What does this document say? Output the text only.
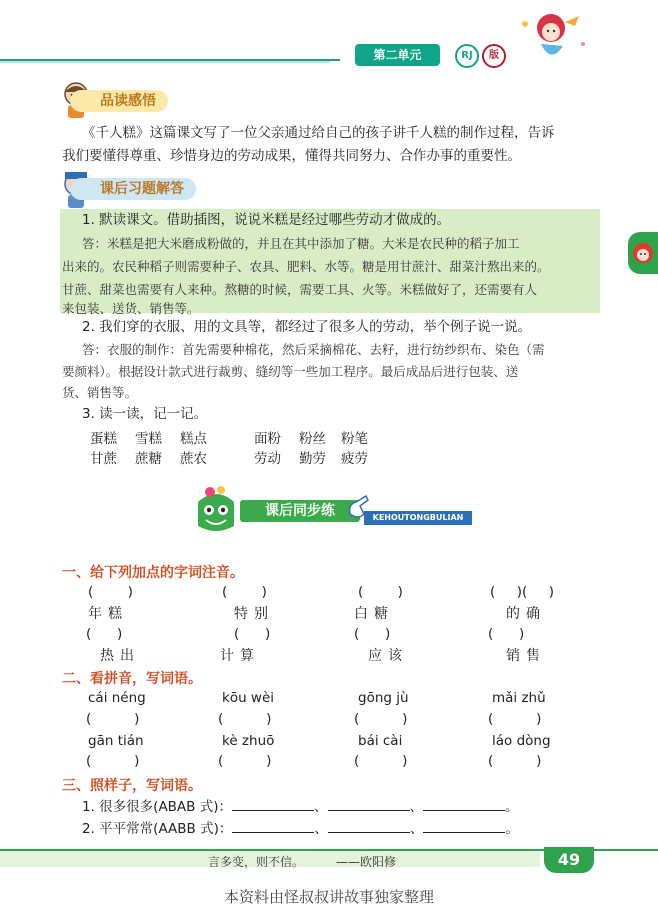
第二单元	RJ	版
品读感悟
《千人糕》这篇课文写了一位父亲通过给自己的孩子讲千人糕的制作过程，告诉
我们要懂得尊重、珍惜身边的劳动成果，懂得共同努力、合作办事的重要性。
课后习题解答
1. 默读课文。借助插图，说说米糕是经过哪些劳动才做成的。
答：米糕是把大米磨成粉做的，并且在其中添加了糖。大米是农民种的稻子加工
出来的。农民种稻子则需要种子、农具、肥料、水等。糖是用甘蔗汁、甜菜汁熬出来的。
甘蔗、甜菜也需要有人来种。熬糖的时候，需要工具、火等。米糕做好了，还需要有人
来包装、送货、销售等。
2. 我们穿的衣服、用的文具等，都经过了很多人的劳动，举个例子说一说。
答：衣服的制作：首先需要种棉花，然后采摘棉花、去籽，进行纺纱织布、染色（需
要颜料）。根据设计款式进行裁剪、缝纫等一些加工程序。最后成品后进行包装、送
货、销售等。
3. 读一读，记一记。
蛋糕 雪糕 糕点	面粉 粉丝 粉笔
甘蔗 蔗糖 蔗农	劳动 勤劳 疲劳
课后同步练	KEHOUTONGBULIAN
一、给下列加点的字词注音。
(        )	(        )	(        )	(     )(     )
年糕	特别	白糖	的确
(      )	(      )	(      )	(      )
热出	计算	应该	销售
二、看拼音，写词语。
cái néng	kōu wèi	gōng jù	mǎi zhǔ
(          )	(          )	(          )	(          )
gān tián	kè zhuō	bái cài	láo dòng
(          )	(          )	(          )	(          )
三、照样子，写词语。
1. 很多很多(ABAB 式)：	、	、	。
2. 平平常常(AABB 式)：	、	、	。
言多变，则不信。	——欧阳修	49
本资料由怪叔叔讲故事独家整理
